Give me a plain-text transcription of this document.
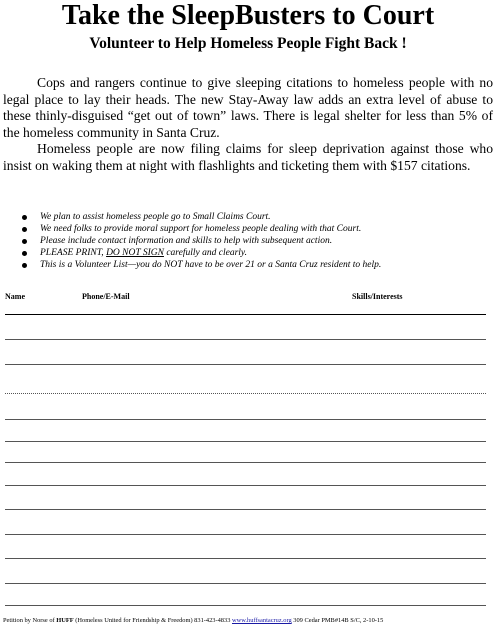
Take the SleepBusters to Court
Volunteer to Help Homeless People Fight Back !

Cops and rangers continue to give sleeping citations to homeless people with no legal place to lay their heads. The new Stay-Away law adds an extra level of abuse to these thinly-disguised “get out of town” laws. There is legal shelter for less than 5% of the homeless community in Santa Cruz.

Homeless people are now filing claims for sleep deprivation against those who insist on waking them at night with flashlights and ticketing them with $157 citations.

We plan to assist homeless people go to Small Claims Court.
We need folks to provide moral support for homeless people dealing with that Court.
Please include contact information and skills to help with subsequent action.
PLEASE PRINT, DO NOT SIGN carefully and clearly.
This is a Volunteer List—you do NOT have to be over 21 or a Santa Cruz resident to help.
Name	Phone/E-Mail	Skills/Interests
Petition by Norse of HUFF (Homeless United for Friendship & Freedom) 831-423-4833 www.huffsantacruz.org 309 Cedar PMB#14B S/C, 2-10-15
